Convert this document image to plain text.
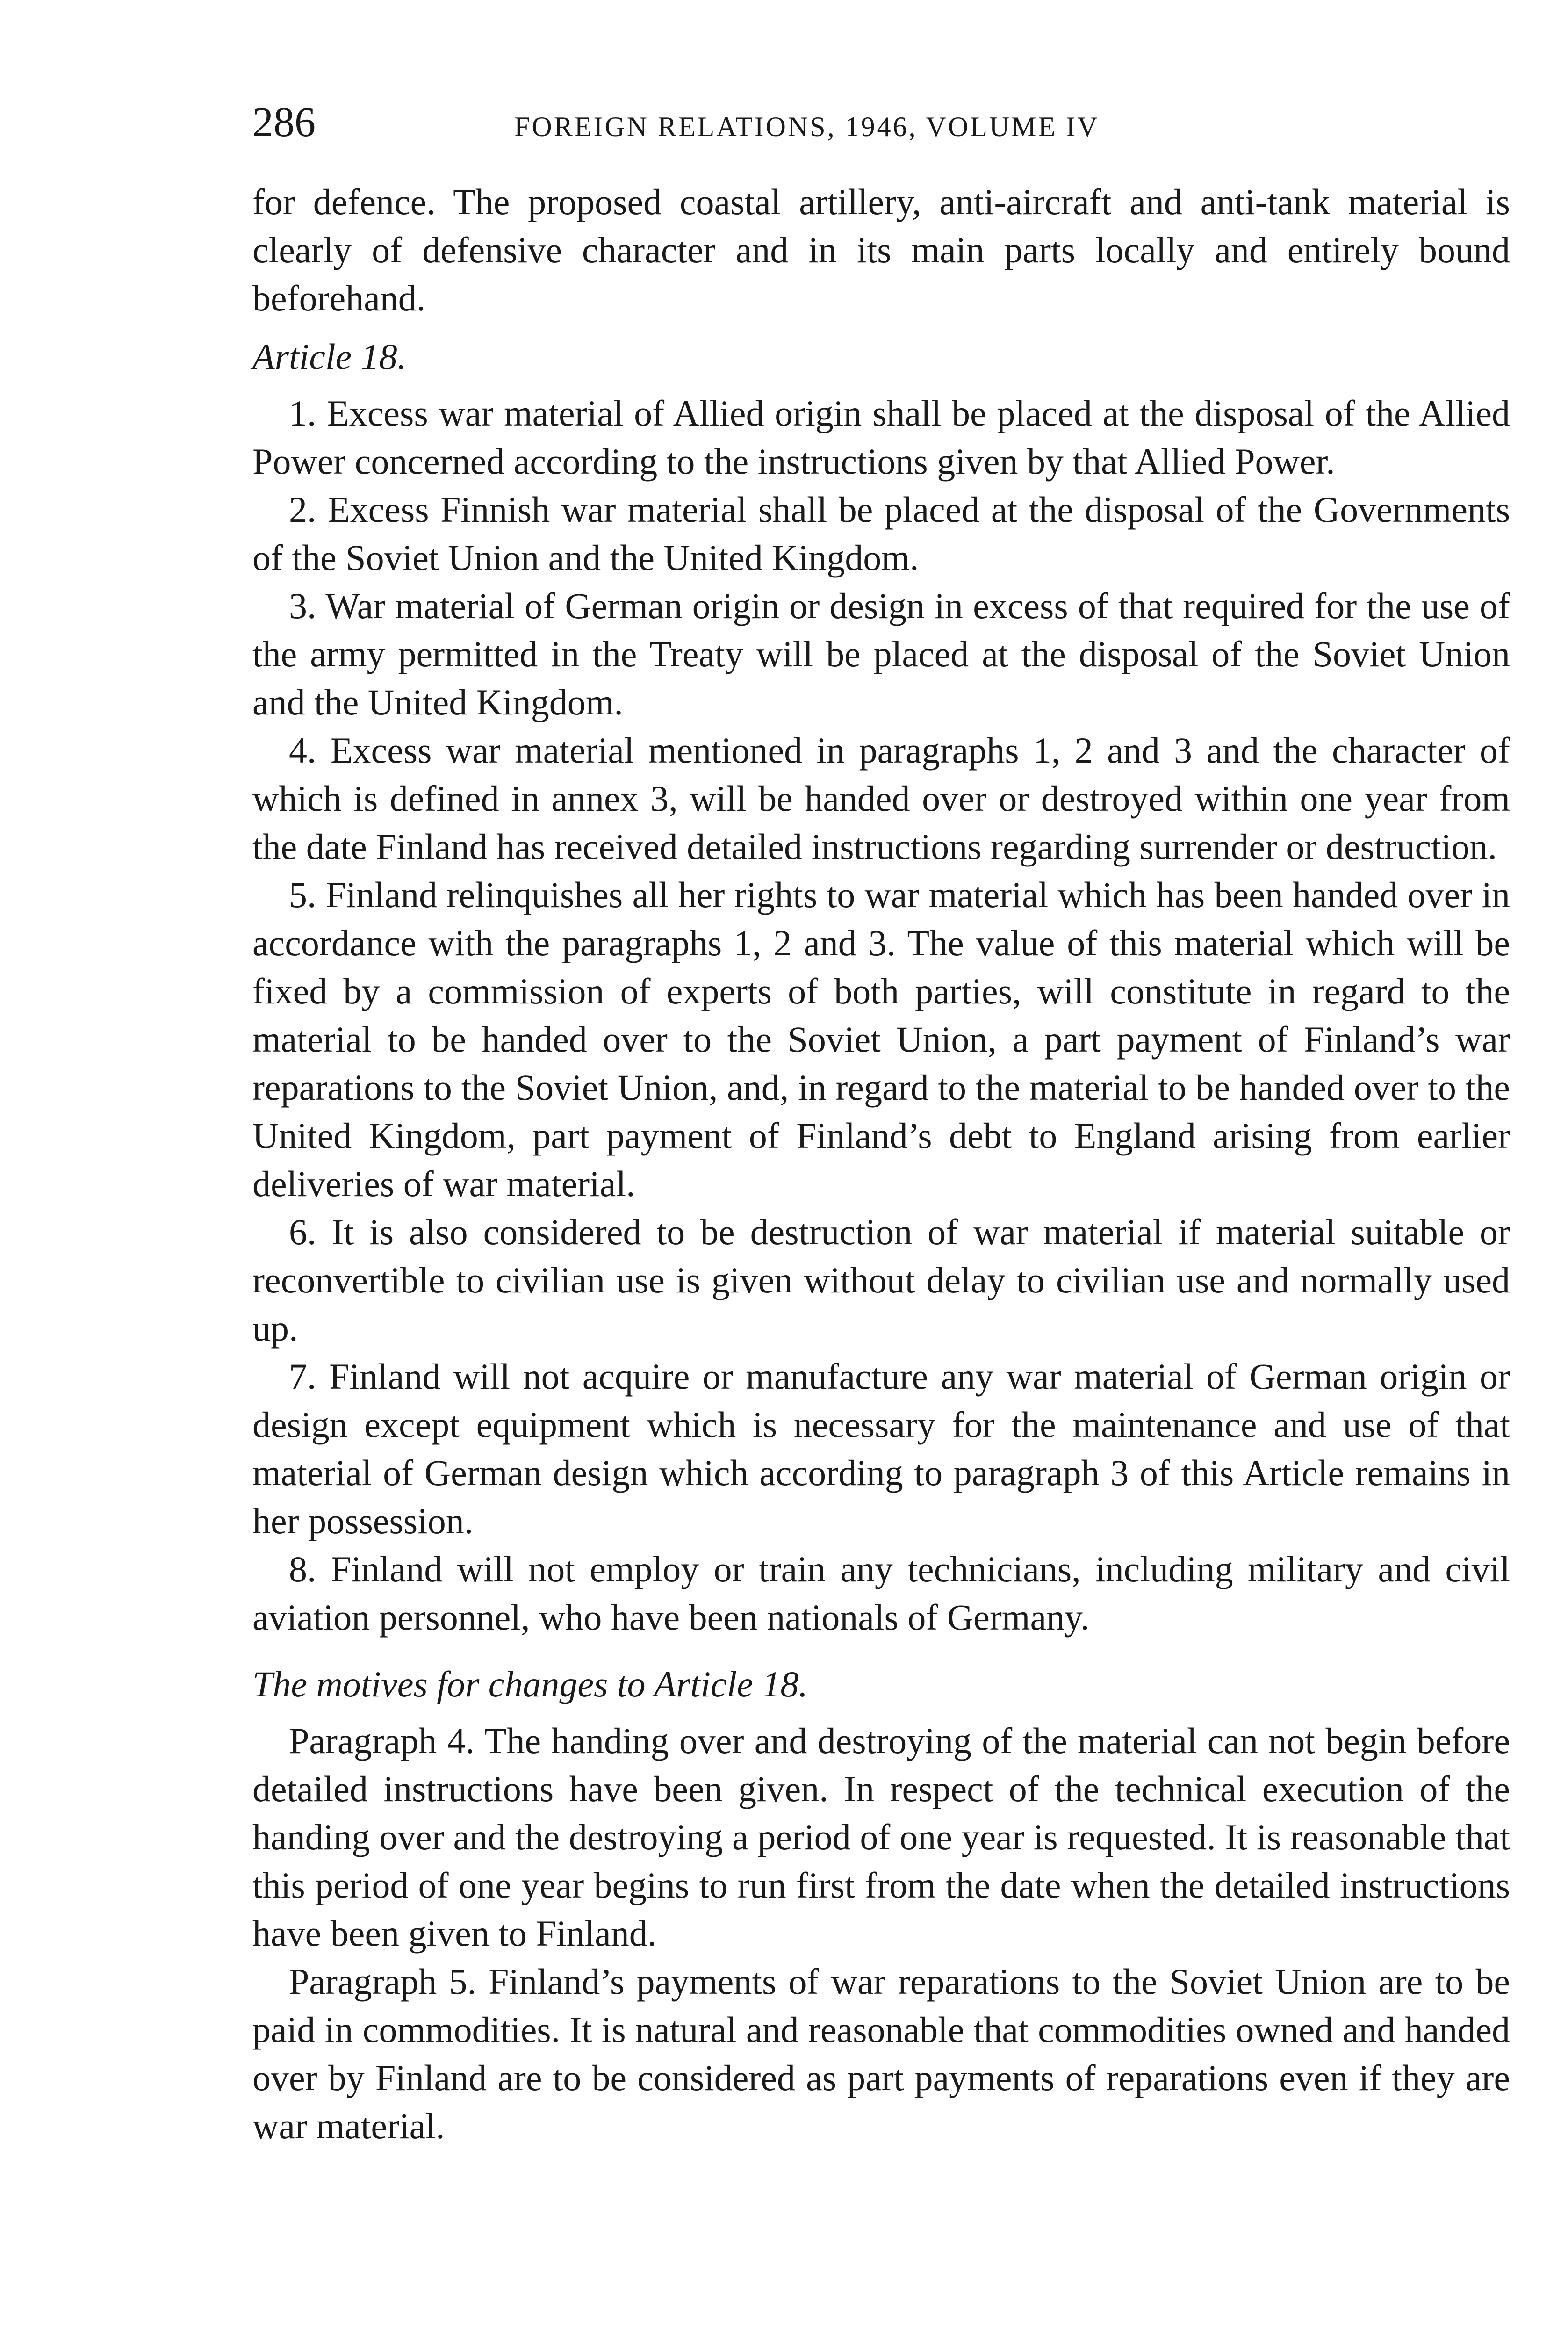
286	FOREIGN RELATIONS, 1946, VOLUME IV

for defence. The proposed coastal artillery, anti-aircraft and anti-tank material is clearly of defensive character and in its main parts locally and entirely bound beforehand.

Article 18.

1. Excess war material of Allied origin shall be placed at the disposal of the Allied Power concerned according to the instructions given by that Allied Power.

2. Excess Finnish war material shall be placed at the disposal of the Governments of the Soviet Union and the United Kingdom.

3. War material of German origin or design in excess of that required for the use of the army permitted in the Treaty will be placed at the disposal of the Soviet Union and the United Kingdom.

4. Excess war material mentioned in paragraphs 1, 2 and 3 and the character of which is defined in annex 3, will be handed over or destroyed within one year from the date Finland has received detailed instructions regarding surrender or destruction.

5. Finland relinquishes all her rights to war material which has been handed over in accordance with the paragraphs 1, 2 and 3. The value of this material which will be fixed by a commission of experts of both parties, will constitute in regard to the material to be handed over to the Soviet Union, a part payment of Finland’s war reparations to the Soviet Union, and, in regard to the material to be handed over to the United Kingdom, part payment of Finland’s debt to England arising from earlier deliveries of war material.

6. It is also considered to be destruction of war material if material suitable or reconvertible to civilian use is given without delay to civilian use and normally used up.

7. Finland will not acquire or manufacture any war material of German origin or design except equipment which is necessary for the maintenance and use of that material of German design which according to paragraph 3 of this Article remains in her possession.

8. Finland will not employ or train any technicians, including military and civil aviation personnel, who have been nationals of Germany.

The motives for changes to Article 18.

Paragraph 4. The handing over and destroying of the material can not begin before detailed instructions have been given. In respect of the technical execution of the handing over and the destroying a period of one year is requested. It is reasonable that this period of one year begins to run first from the date when the detailed instructions have been given to Finland.

Paragraph 5. Finland’s payments of war reparations to the Soviet Union are to be paid in commodities. It is natural and reasonable that commodities owned and handed over by Finland are to be considered as part payments of reparations even if they are war material.
